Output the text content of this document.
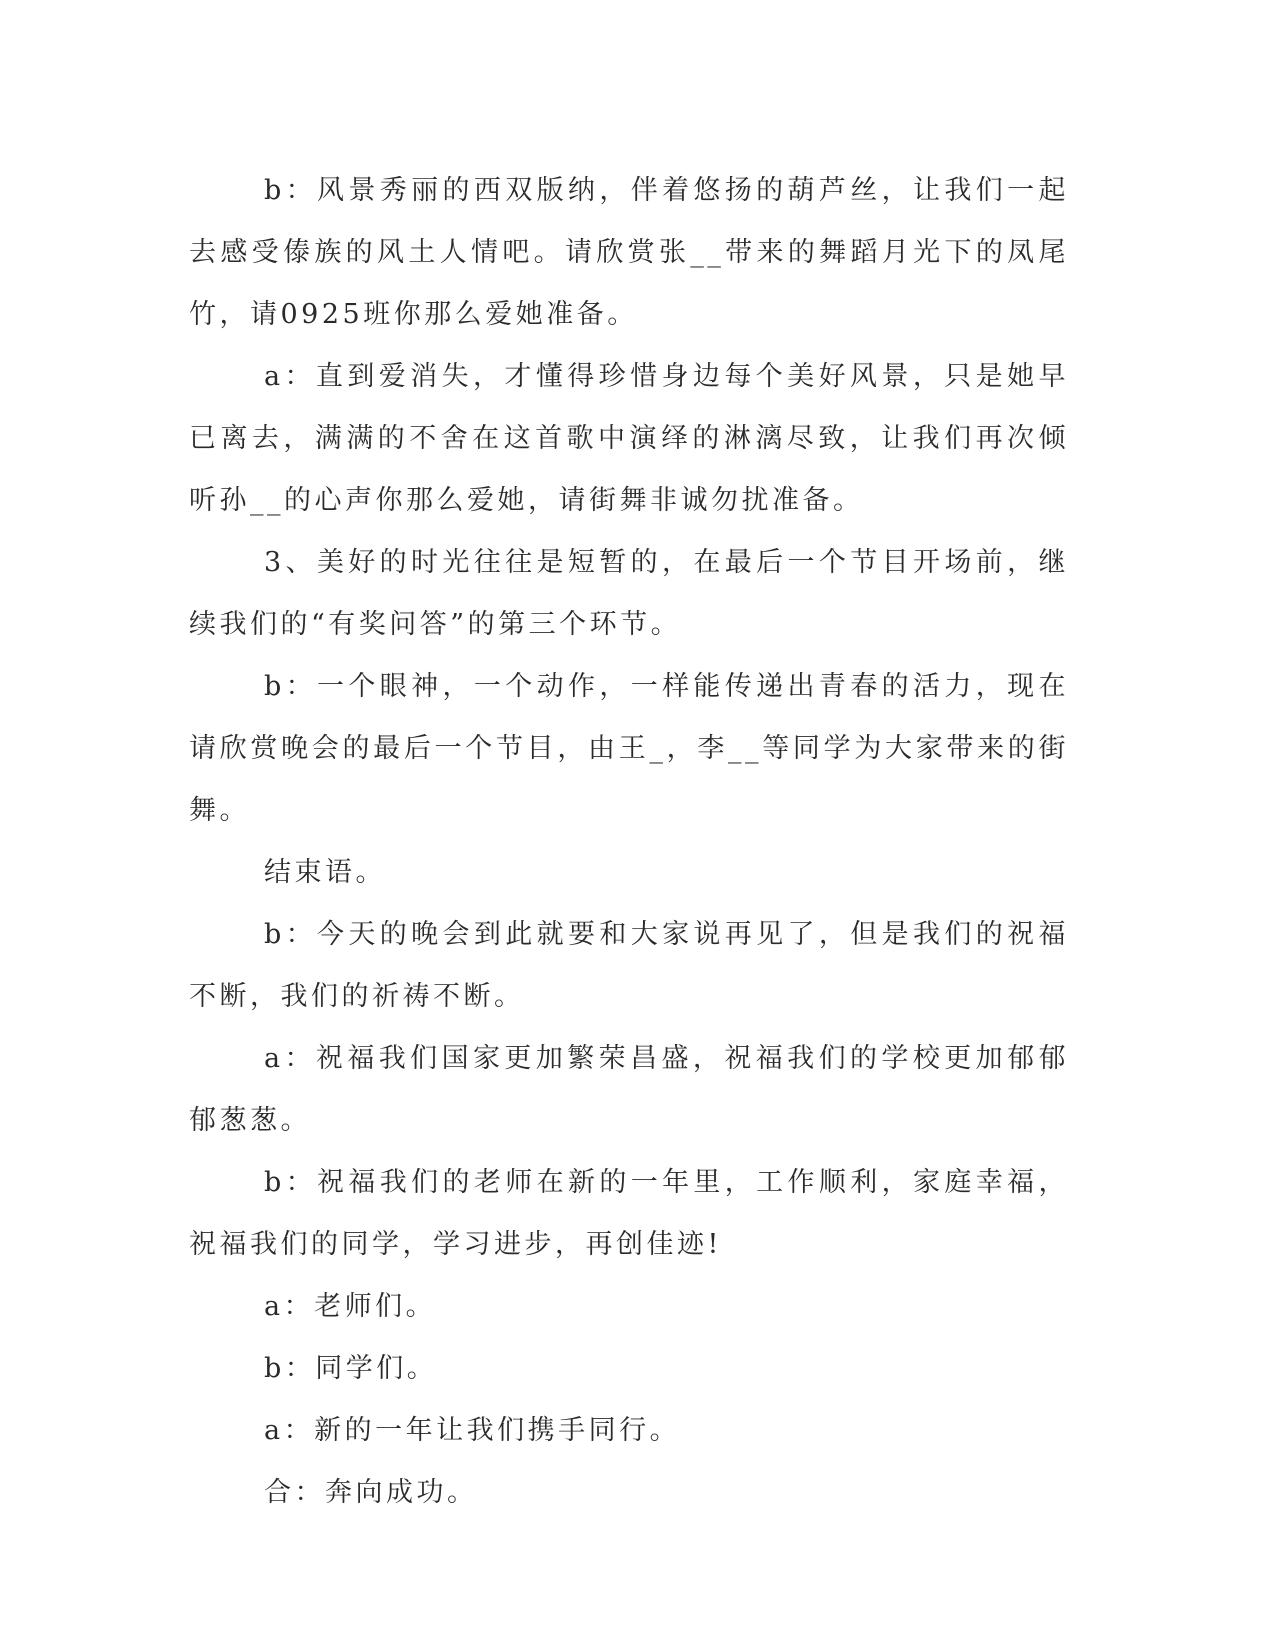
b：风景秀丽的西双版纳，伴着悠扬的葫芦丝，让我们一起去感受傣族的风土人情吧。请欣赏张__带来的舞蹈月光下的凤尾竹，请0925班你那么爱她准备。

a：直到爱消失，才懂得珍惜身边每个美好风景，只是她早已离去，满满的不舍在这首歌中演绎的淋漓尽致，让我们再次倾听孙__的心声你那么爱她，请街舞非诚勿扰准备。

3、美好的时光往往是短暂的，在最后一个节目开场前，继续我们的“有奖问答”的第三个环节。

b：一个眼神，一个动作，一样能传递出青春的活力，现在请欣赏晚会的最后一个节目，由王_，李__等同学为大家带来的街舞。

结束语。

b：今天的晚会到此就要和大家说再见了，但是我们的祝福不断，我们的祈祷不断。

a：祝福我们国家更加繁荣昌盛，祝福我们的学校更加郁郁郁葱葱。

b：祝福我们的老师在新的一年里，工作顺利，家庭幸福，祝福我们的同学，学习进步，再创佳迹!

a：老师们。

b：同学们。

a：新的一年让我们携手同行。

合：奔向成功。
